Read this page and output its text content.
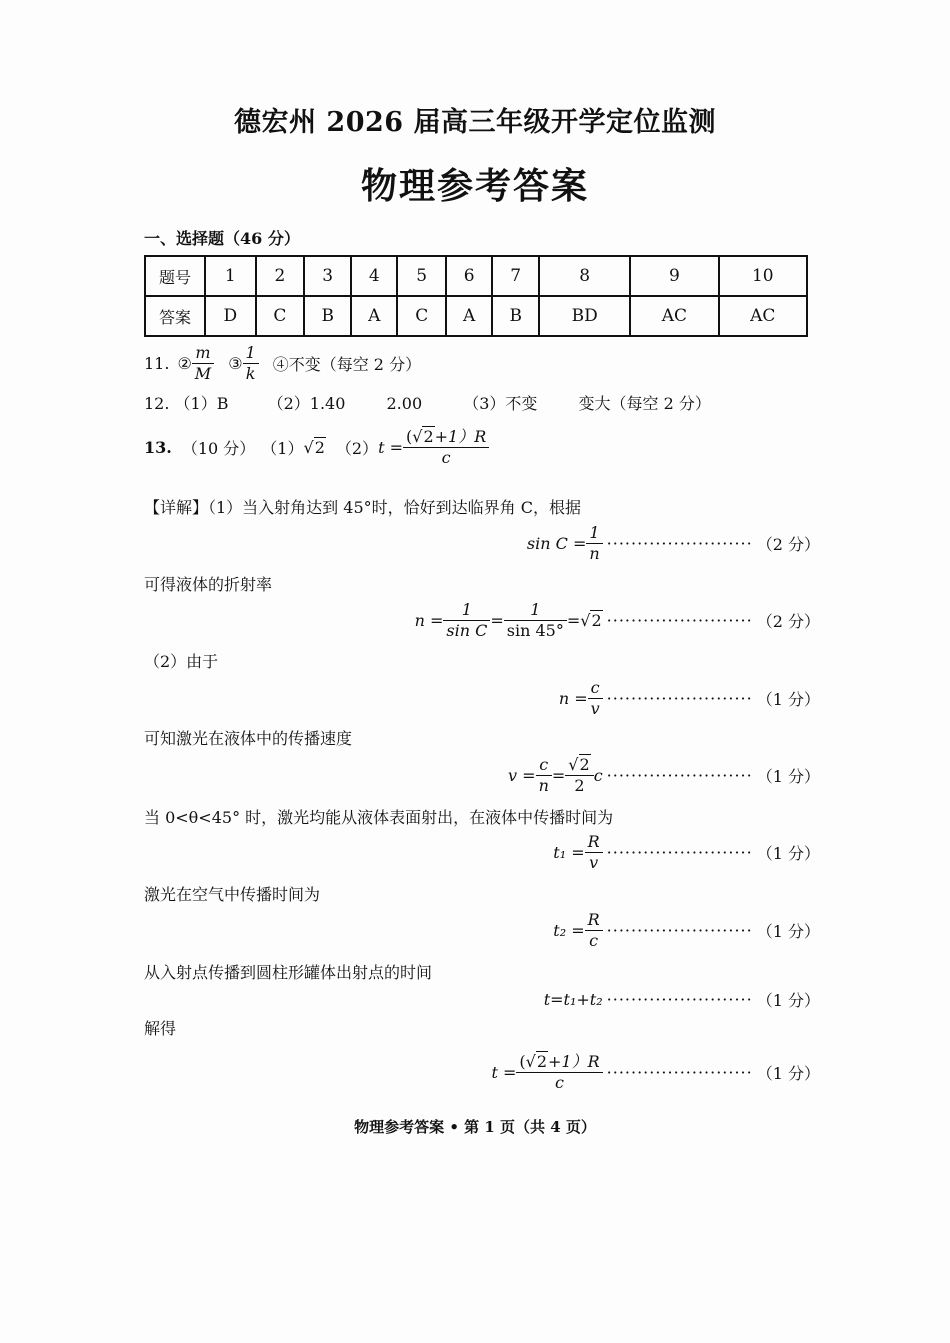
德宏州 2026 届高三年级开学定位监测
物理参考答案
一、选择题（46 分）
题号	1	2	3	4	5	6	7	8	9	10
答案	D	C	B	A	C	A	B	BD	AC	AC
11. ② $\frac{m}{M}$ ③ $\frac{1}{k}$ ④不变（每空 2 分）
12. （1）B （2）1.40	2.00	（3）不变	变大（每空 2 分）
13. （10 分） （1） √ 2 （2） $t = \frac{(√2+1)R}{c}$
【详解】（1）当入射角达到 45°时，恰好到达临界角 C，根据
$\sin C = \frac{1}{n}$ ························ （2 分）
可得液体的折射率
$n = \frac{1}{\text{sin C}} = \frac{1}{\sin 45^\circ}$ = √ 2 ························ （2 分）
（2）由于
$n = \frac{c}{v}$ ························ （1 分）
可知激光在液体中的传播速度
$v = \frac{c}{n} = \frac{√2}{2}$ c ························ （1 分）
当 0<θ<45° 时，激光均能从液体表面射出，在液体中传播时间为
$t_1 = \frac{R}{v}$ ························ （1 分）
激光在空气中传播时间为
$t_2 = \frac{R}{c}$ ························ （1 分）
从入射点传播到圆柱形罐体出射点的时间
t=t₁+t₂ ························ （1 分）
解得
$t = \frac{(√2+1)R}{c}$ ························ （1 分）
物理参考答案 • 第 1 页（共 4 页）
